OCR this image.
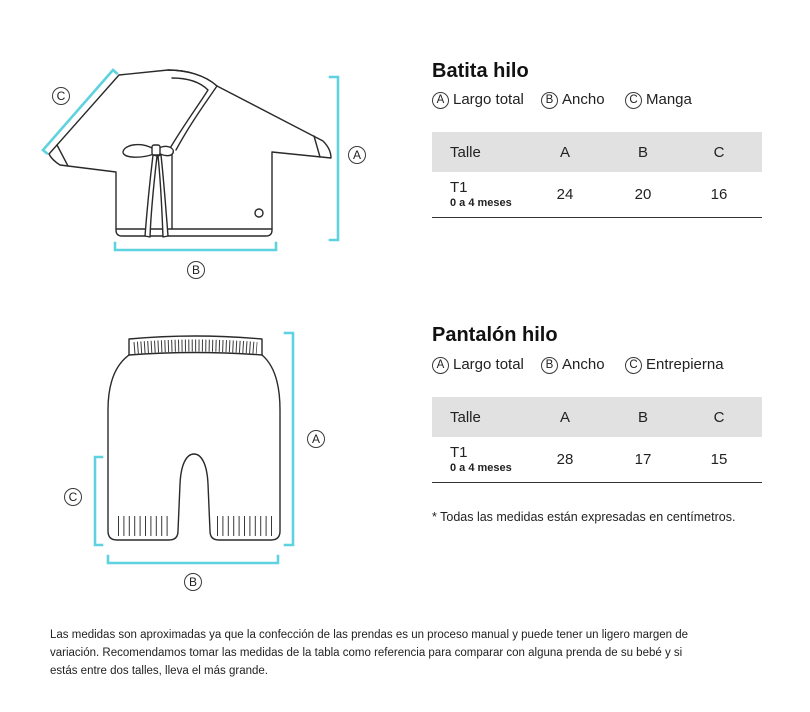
C
A
B
A
C
B
Batita hilo
A Largo total	B Ancho	C Manga
Talle	A	B	C
T1
0 a 4 meses	24	20	16
Pantalón hilo
A Largo total	B Ancho	C Entrepierna
Talle	A	B	C
T1
0 a 4 meses	28	17	15
* Todas las medidas están expresadas en centímetros.
Las medidas son aproximadas ya que la confección de las prendas es un proceso manual y puede tener un ligero margen de
variación. Recomendamos tomar las medidas de la tabla como referencia para comparar con alguna prenda de su bebé y si
estás entre dos talles, lleva el más grande.
